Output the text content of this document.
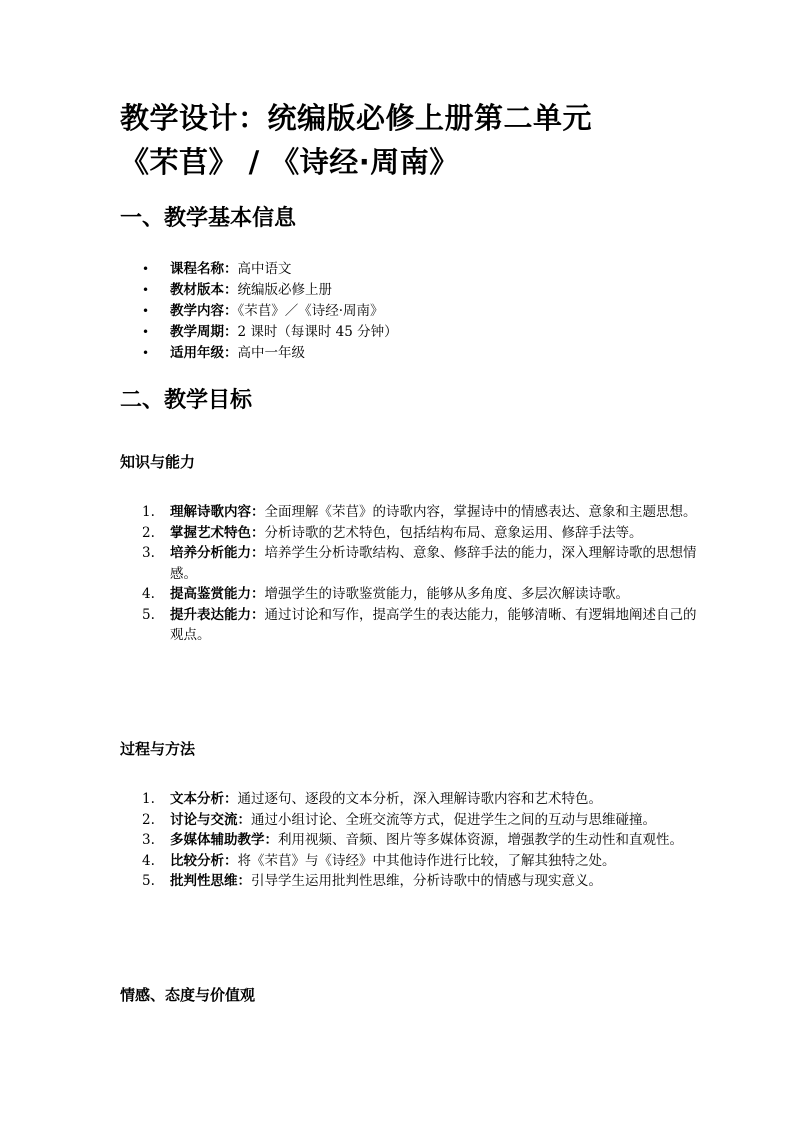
教学设计：统编版必修上册第二单元
《芣苢》 / 《诗经·周南》
一、教学基本信息
• 课程名称：高中语文
• 教材版本：统编版必修上册
• 教学内容：《芣苢》／《诗经·周南》
• 教学周期：2 课时（每课时 45 分钟）
• 适用年级：高中一年级
二、教学目标
知识与能力
1. 理解诗歌内容：全面理解《芣苢》的诗歌内容，掌握诗中的情感表达、意象和主题思想。
2. 掌握艺术特色：分析诗歌的艺术特色，包括结构布局、意象运用、修辞手法等。
3. 培养分析能力：培养学生分析诗歌结构、意象、修辞手法的能力，深入理解诗歌的思想情感。
4. 提高鉴赏能力：增强学生的诗歌鉴赏能力，能够从多角度、多层次解读诗歌。
5. 提升表达能力：通过讨论和写作，提高学生的表达能力，能够清晰、有逻辑地阐述自己的观点。
过程与方法
1. 文本分析：通过逐句、逐段的文本分析，深入理解诗歌内容和艺术特色。
2. 讨论与交流：通过小组讨论、全班交流等方式，促进学生之间的互动与思维碰撞。
3. 多媒体辅助教学：利用视频、音频、图片等多媒体资源，增强教学的生动性和直观性。
4. 比较分析：将《芣苢》与《诗经》中其他诗作进行比较，了解其独特之处。
5. 批判性思维：引导学生运用批判性思维，分析诗歌中的情感与现实意义。
情感、态度与价值观
